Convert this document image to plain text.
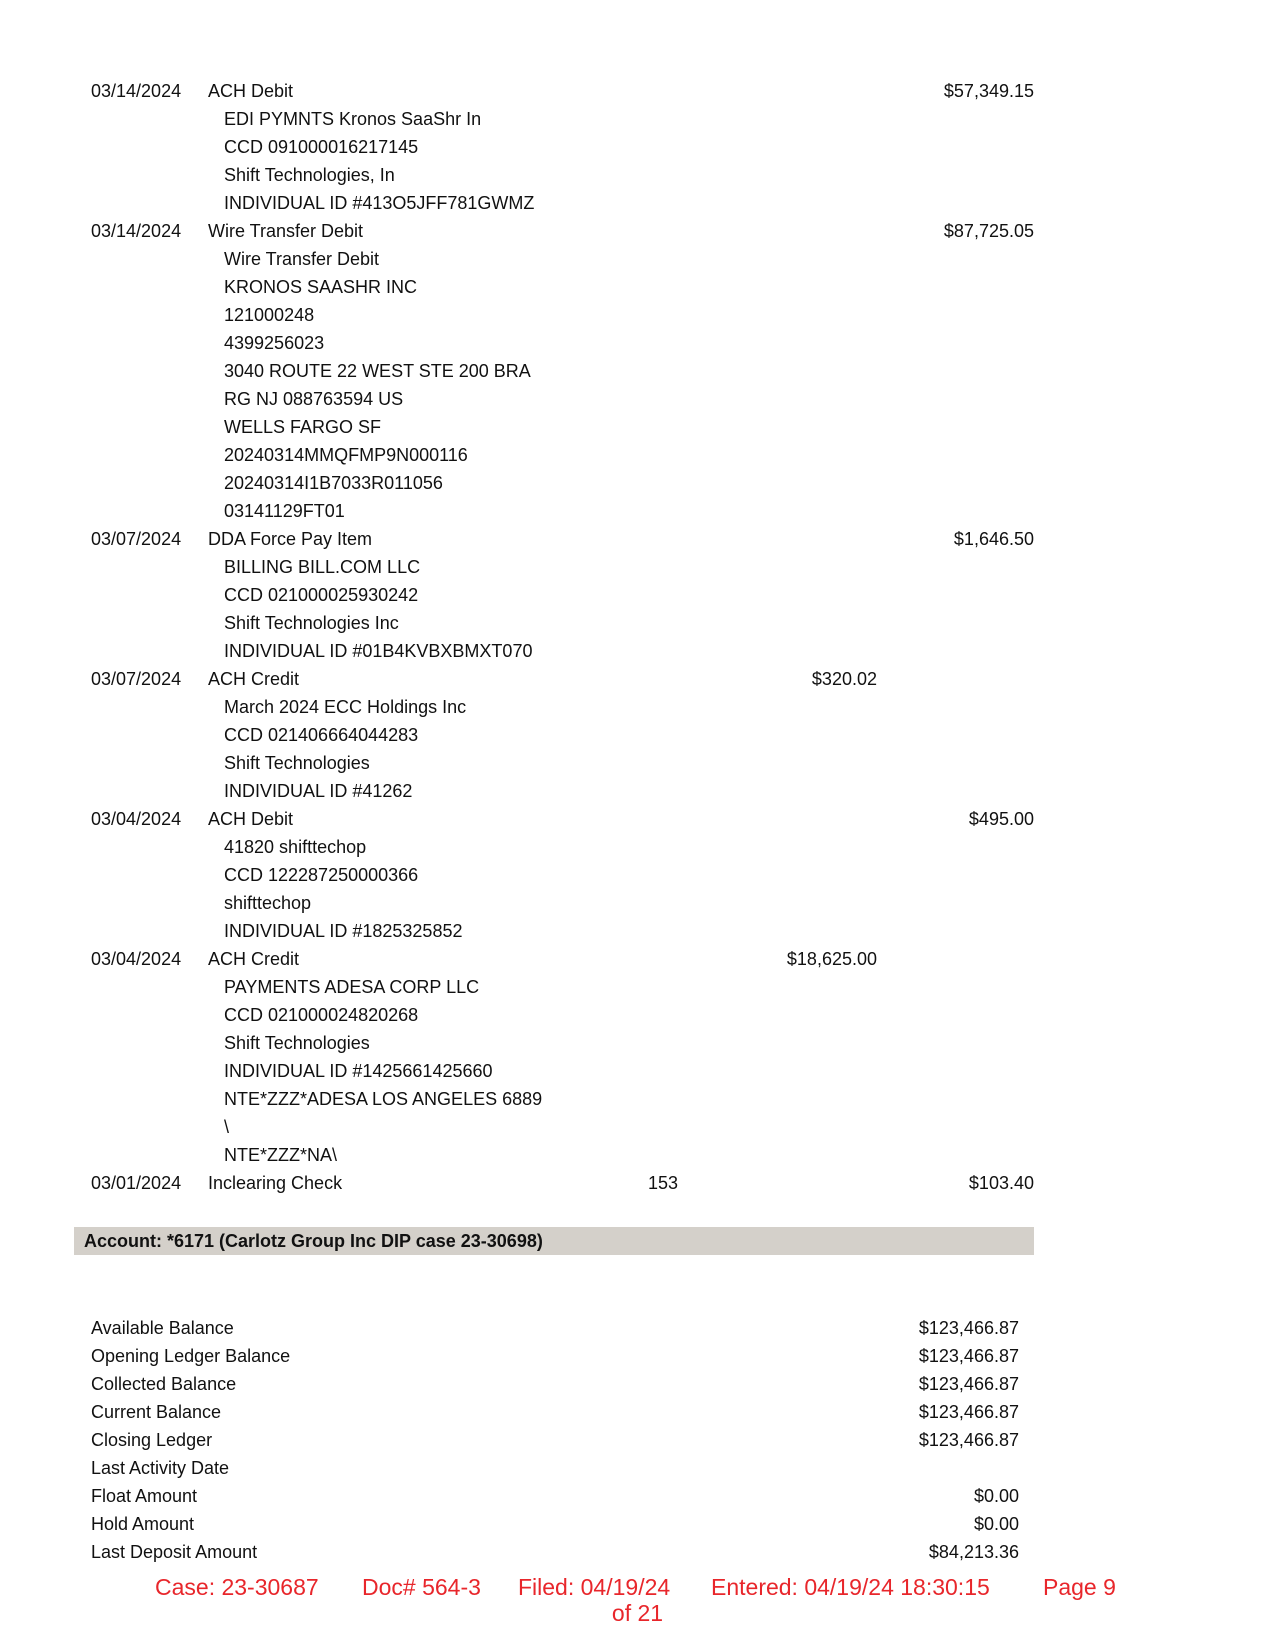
03/14/2024 ACH Debit	$57,349.15
EDI PYMNTS Kronos SaaShr In
CCD 091000016217145
Shift Technologies, In
INDIVIDUAL ID #413O5JFF781GWMZ
03/14/2024 Wire Transfer Debit	$87,725.05
Wire Transfer Debit
KRONOS SAASHR INC
121000248
4399256023
3040 ROUTE 22 WEST STE 200 BRA
RG NJ 088763594 US
WELLS FARGO SF
20240314MMQFMP9N000116
20240314I1B7033R011056
03141129FT01
03/07/2024 DDA Force Pay Item	$1,646.50
BILLING BILL.COM LLC
CCD 021000025930242
Shift Technologies Inc
INDIVIDUAL ID #01B4KVBXBMXT070
03/07/2024 ACH Credit	$320.02
March 2024 ECC Holdings Inc
CCD 021406664044283
Shift Technologies
INDIVIDUAL ID #41262
03/04/2024 ACH Debit	$495.00
41820 shifttechop
CCD 122287250000366
shifttechop
INDIVIDUAL ID #1825325852
03/04/2024 ACH Credit	$18,625.00
PAYMENTS ADESA CORP LLC
CCD 021000024820268
Shift Technologies
INDIVIDUAL ID #1425661425660
NTE*ZZZ*ADESA LOS ANGELES 6889
\
NTE*ZZZ*NA\
03/01/2024 Inclearing Check	153	$103.40
Account: *6171 (Carlotz Group Inc DIP case 23-30698)
Available Balance	$123,466.87
Opening Ledger Balance	$123,466.87
Collected Balance	$123,466.87
Current Balance	$123,466.87
Closing Ledger	$123,466.87
Last Activity Date
Float Amount	$0.00
Hold Amount	$0.00
Last Deposit Amount	$84,213.36
Case: 23-30687 Doc# 564-3 Filed: 04/19/24 Entered: 04/19/24 18:30:15 Page 9
of 21
